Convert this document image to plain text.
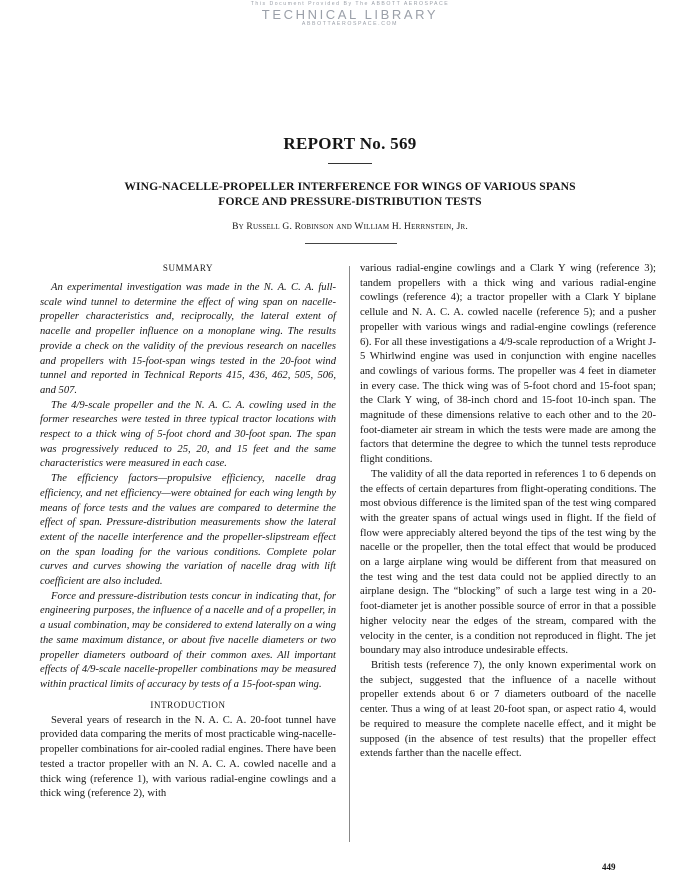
This Document Provided By The ABBOTT AEROSPACE
TECHNICAL LIBRARY
ABBOTTAEROSPACE.COM
REPORT No. 569
WING-NACELLE-PROPELLER INTERFERENCE FOR WINGS OF VARIOUS SPANS
FORCE AND PRESSURE-DISTRIBUTION TESTS
By Russell G. Robinson and William H. Herrnstein, Jr.
SUMMARY

An experimental investigation was made in the N. A. C. A. full-scale wind tunnel to determine the effect of wing span on nacelle-propeller characteristics and, reciprocally, the lateral extent of nacelle and propeller influence on a monoplane wing. The results provide a check on the validity of the previous research on nacelles and propellers with 15-foot-span wings tested in the 20-foot wind tunnel and reported in Technical Reports 415, 436, 462, 505, 506, and 507.

The 4/9-scale propeller and the N. A. C. A. cowling used in the former researches were tested in three typical tractor locations with respect to a thick wing of 5-foot chord and 30-foot span. The span was progressively reduced to 25, 20, and 15 feet and the same characteristics were measured in each case.

The efficiency factors—propulsive efficiency, nacelle drag efficiency, and net efficiency—were obtained for each wing length by means of force tests and the values are compared to determine the effect of span. Pressure-distribution measurements show the lateral extent of the nacelle interference and the propeller-slipstream effect on the span loading for the various conditions. Complete polar curves and curves showing the variation of nacelle drag with lift coefficient are also included.

Force and pressure-distribution tests concur in indicating that, for engineering purposes, the influence of a nacelle and of a propeller, in a usual combination, may be considered to extend laterally on a wing the same maximum distance, or about five nacelle diameters or two propeller diameters outboard of their common axes. All important effects of 4/9-scale nacelle-propeller combinations may be measured within practical limits of accuracy by tests of a 15-foot-span wing.

INTRODUCTION

Several years of research in the N. A. C. A. 20-foot tunnel have provided data comparing the merits of most practicable wing-nacelle-propeller combinations for air-cooled radial engines. There have been tested a tractor propeller with an N. A. C. A. cowled nacelle and a thick wing (reference 1), with various radial-engine cowlings and a thick wing (reference 2), with

various radial-engine cowlings and a Clark Y wing (reference 3); tandem propellers with a thick wing and various radial-engine cowlings (reference 4); a tractor propeller with a Clark Y biplane cellule and N. A. C. A. cowled nacelle (reference 5); and a pusher propeller with various wings and radial-engine cowlings (reference 6). For all these investigations a 4/9-scale reproduction of a Wright J-5 Whirlwind engine was used in conjunction with engine nacelles and cowlings of various forms. The propeller was 4 feet in diameter in every case. The thick wing was of 5-foot chord and 15-foot span; the Clark Y wing, of 38-inch chord and 15-foot 10-inch span. The magnitude of these dimensions relative to each other and to the 20-foot-diameter air stream in which the tests were made are among the factors that determine the degree to which the tunnel tests reproduce flight conditions.

The validity of all the data reported in references 1 to 6 depends on the effects of certain departures from flight-operating conditions. The most obvious difference is the limited span of the test wing compared with the greater spans of actual wings used in flight. If the field of flow were appreciably altered beyond the tips of the test wing by the nacelle or the propeller, then the total effect that would be produced on a large airplane wing would be different from that measured on the test wing and the test data could not be applied directly to an airplane design. The “blocking” of such a large test wing in a 20-foot-diameter jet is another possible source of error in that a possible higher velocity near the edges of the stream, compared with the velocity in the center, is a condition not reproduced in flight. The jet boundary may also introduce undesirable effects.

British tests (reference 7), the only known experimental work on the subject, suggested that the influence of a nacelle without propeller extends about 6 or 7 diameters outboard of the nacelle center. Thus a wing of at least 20-foot span, or aspect ratio 4, would be required to measure the complete nacelle effect, and it might be supposed (in the absence of test results) that the propeller effect extends farther than the nacelle effect.

449
